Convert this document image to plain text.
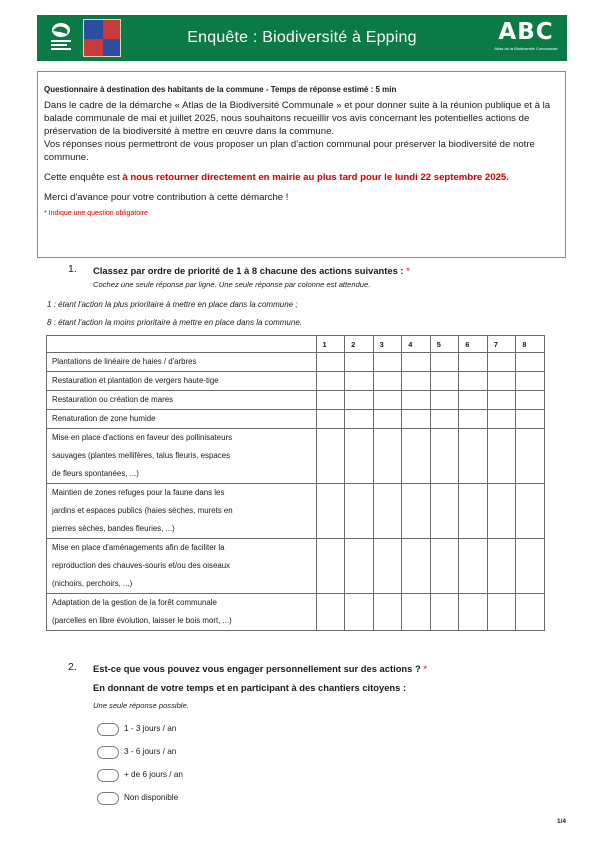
Enquête : Biodiversité à Epping	ABC
Atlas de la Biodiversité Communale
Questionnaire à destination des habitants de la commune - Temps de réponse estimé : 5 min

Dans le cadre de la démarche « Atlas de la Biodiversité Communale » et pour donner suite à la réunion publique et à la balade communale de mai et juillet 2025, nous souhaitons recueillir vos avis concernant les potentielles actions de préservation de la biodiversité à mettre en œuvre dans la commune.

Vos réponses nous permettront de vous proposer un plan d'action communal pour préserver la biodiversité de notre commune.

Cette enquête est à nous retourner directement en mairie au plus tard pour le lundi 22 septembre 2025.

Merci d'avance pour votre contribution à cette démarche !

* Indique une question obligatoire
1. Classez par ordre de priorité de 1 à 8 chacune des actions suivantes : *
Cochez une seule réponse par ligne. Une seule réponse par colonne est attendue.
1 : étant l'action la plus prioritaire à mettre en place dans la commune ;
8 : étant l'action la moins prioritaire à mettre en place dans la commune.
	1	2	3	4	5	6	7	8

Plantations de linéaire de haies / d'arbres								

Restauration et plantation de vergers haute-tige								

Restauration ou création de mares								

Renaturation de zone humide								

Mise en place d'actions en faveur des pollinisateurs
sauvages (plantes mellifères, talus fleuris, espaces
de fleurs spontanées, ...)								

Maintien de zones refuges pour la faune dans les
jardins et espaces publics (haies sèches, murets en
pierres sèches, bandes fleuries, ...)								

Mise en place d'aménagements afin de faciliter la
reproduction des chauves-souris et/ou des oiseaux
(nichoirs, perchoirs, ...)								

Adaptation de la gestion de la forêt communale
(parcelles en libre évolution, laisser le bois mort, ...)								

2. Est-ce que vous pouvez vous engager personnellement sur des actions ? *
En donnant de votre temps et en participant à des chantiers citoyens :
Une seule réponse possible.
1 - 3 jours / an
3 - 6 jours / an
+ de 6 jours / an
Non disponible
1/4
